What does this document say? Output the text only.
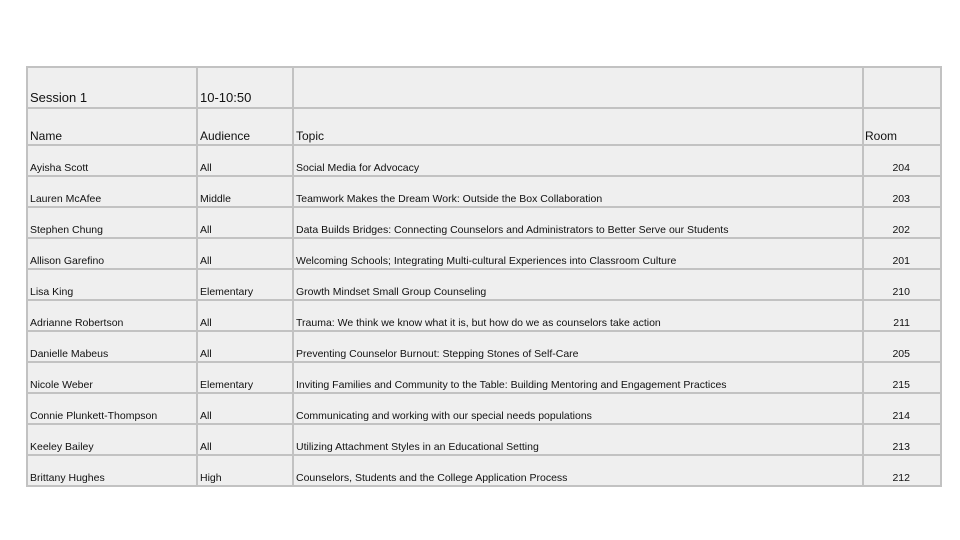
Session 1	10-10:50		
Name	Audience	Topic	Room
Ayisha Scott	All	Social Media for Advocacy	204
Lauren McAfee	Middle	Teamwork Makes the Dream Work: Outside the Box Collaboration	203
Stephen Chung	All	Data Builds Bridges: Connecting Counselors and Administrators to Better Serve our Students	202
Allison Garefino	All	Welcoming Schools; Integrating Multi-cultural Experiences into Classroom Culture	201
Lisa King	Elementary	Growth Mindset Small Group Counseling	210
Adrianne Robertson	All	Trauma: We think we know what it is, but how do we as counselors take action	211
Danielle Mabeus	All	Preventing Counselor Burnout: Stepping Stones of Self-Care	205
Nicole Weber	Elementary	Inviting Families and Community to the Table: Building Mentoring and Engagement Practices	215
Connie Plunkett-Thompson	All	Communicating and working with our special needs populations	214
Keeley Bailey	All	Utilizing Attachment Styles in an Educational Setting	213
Brittany Hughes	High	Counselors, Students and the College Application Process	212
